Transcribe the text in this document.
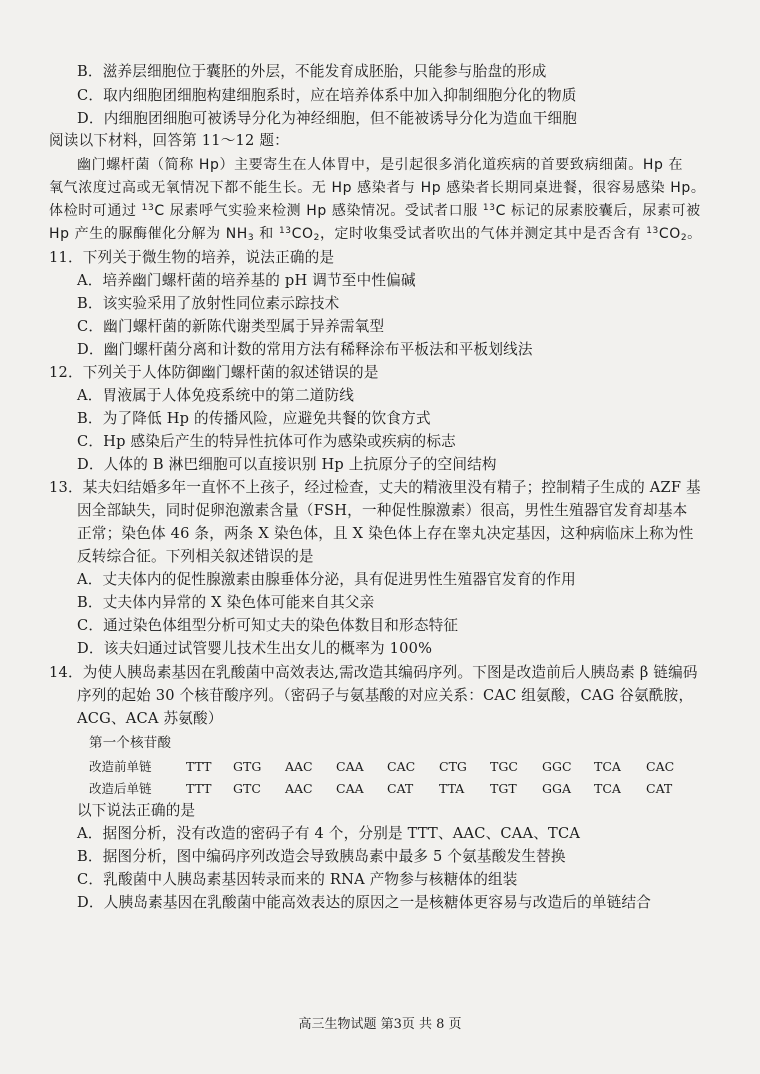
B．滋养层细胞位于囊胚的外层，不能发育成胚胎，只能参与胎盘的形成
C．取内细胞团细胞构建细胞系时，应在培养体系中加入抑制细胞分化的物质
D．内细胞团细胞可被诱导分化为神经细胞，但不能被诱导分化为造血干细胞
阅读以下材料，回答第 11～12 题：
幽门螺杆菌（简称 Hp）主要寄生在人体胃中，是引起很多消化道疾病的首要致病细菌。Hp 在
氧气浓度过高或无氧情况下都不能生长。无 Hp 感染者与 Hp 感染者长期同桌进餐，很容易感染 Hp。
体检时可通过 $^{13}$C 尿素呼气实验来检测 Hp 感染情况。受试者口服 $^{13}$C 标记的尿素胶囊后，尿素可被
Hp 产生的脲酶催化分解为 $NH_3$ 和 $^{13}CO_2$，定时收集受试者吹出的气体并测定其中是否含有 $^{13}CO_2$。
11．下列关于微生物的培养，说法正确的是
A．培养幽门螺杆菌的培养基的 pH 调节至中性偏碱
B．该实验采用了放射性同位素示踪技术
C．幽门螺杆菌的新陈代谢类型属于异养需氧型
D．幽门螺杆菌分离和计数的常用方法有稀释涂布平板法和平板划线法
12．下列关于人体防御幽门螺杆菌的叙述错误的是
A．胃液属于人体免疫系统中的第二道防线
B．为了降低 Hp 的传播风险，应避免共餐的饮食方式
C．Hp 感染后产生的特异性抗体可作为感染或疾病的标志
D．人体的 B 淋巴细胞可以直接识别 Hp 上抗原分子的空间结构
13．某夫妇结婚多年一直怀不上孩子，经过检查，丈夫的精液里没有精子；控制精子生成的 AZF 基
因全部缺失，同时促卵泡激素含量（FSH，一种促性腺激素）很高，男性生殖器官发育却基本
正常；染色体 46 条，两条 X 染色体，且 X 染色体上存在睾丸决定基因，这种病临床上称为性
反转综合征。下列相关叙述错误的是
A．丈夫体内的促性腺激素由腺垂体分泌，具有促进男性生殖器官发育的作用
B．丈夫体内异常的 X 染色体可能来自其父亲
C．通过染色体组型分析可知丈夫的染色体数目和形态特征
D．该夫妇通过试管婴儿技术生出女儿的概率为 100%
14．为使人胰岛素基因在乳酸菌中高效表达,需改造其编码序列。下图是改造前后人胰岛素 β 链编码
序列的起始 30 个核苷酸序列。（密码子与氨基酸的对应关系：CAC 组氨酸，CAG 谷氨酰胺，
ACG、ACA 苏氨酸）
第一个核苷酸
改造前单链	TTT GTG AAC CAA CAC CTG TGC GGC TCA CAC
改造后单链	TTT GTC AAC CAA CAT TTA TGT GGA TCA CAT
以下说法正确的是
A．据图分析，没有改造的密码子有 4 个，分别是 TTT、AAC、CAA、TCA
B．据图分析，图中编码序列改造会导致胰岛素中最多 5 个氨基酸发生替换
C．乳酸菌中人胰岛素基因转录而来的 RNA 产物参与核糖体的组装
D．人胰岛素基因在乳酸菌中能高效表达的原因之一是核糖体更容易与改造后的单链结合
高三生物试题 第3页 共 8 页
